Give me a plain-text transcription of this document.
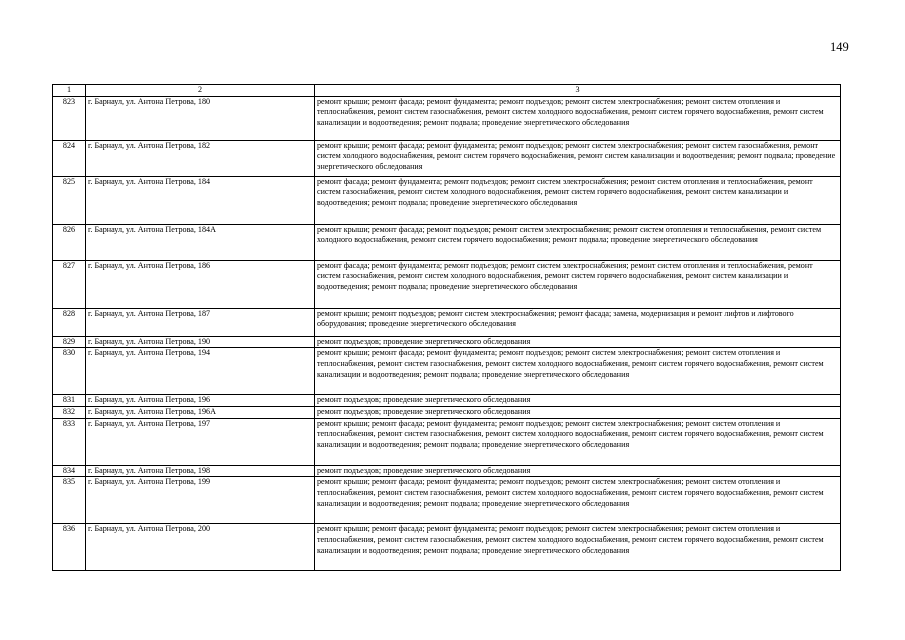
149
1	2	3
823	г. Барнаул, ул. Антона Петрова, 180	ремонт крыши; ремонт фасада; ремонт фундамента; ремонт подъездов; ремонт систем электроснабжения; ремонт систем отопления и теплоснабжения, ремонт систем газоснабжения, ремонт систем холодного водоснабжения, ремонт систем горячего водоснабжения, ремонт систем канализации и водоотведения; ремонт подвала; проведение энергетического обследования
824	г. Барнаул, ул. Антона Петрова, 182	ремонт крыши; ремонт фасада; ремонт фундамента; ремонт подъездов; ремонт систем электроснабжения; ремонт систем газоснабжения, ремонт систем холодного водоснабжения, ремонт систем горячего водоснабжения, ремонт систем канализации и водоотведения; ремонт подвала; проведение энергетического обследования
825	г. Барнаул, ул. Антона Петрова, 184	ремонт фасада; ремонт фундамента; ремонт подъездов; ремонт систем электроснабжения; ремонт систем отопления и теплоснабжения, ремонт систем газоснабжения, ремонт систем холодного водоснабжения, ремонт систем горячего водоснабжения, ремонт систем канализации и водоотведения; ремонт подвала; проведение энергетического обследования
826	г. Барнаул, ул. Антона Петрова, 184А	ремонт крыши; ремонт фасада; ремонт подъездов; ремонт систем электроснабжения; ремонт систем отопления и теплоснабжения, ремонт систем холодного водоснабжения, ремонт систем горячего водоснабжения; ремонт подвала; проведение энергетического обследования
827	г. Барнаул, ул. Антона Петрова, 186	ремонт фасада; ремонт фундамента; ремонт подъездов; ремонт систем электроснабжения; ремонт систем отопления и теплоснабжения, ремонт систем газоснабжения, ремонт систем холодного водоснабжения, ремонт систем горячего водоснабжения, ремонт систем канализации и водоотведения; ремонт подвала; проведение энергетического обследования
828	г. Барнаул, ул. Антона Петрова, 187	ремонт крыши; ремонт подъездов; ремонт систем электроснабжения; ремонт фасада; замена, модернизация и ремонт лифтов и лифтового оборудования; проведение энергетического обследования
829	г. Барнаул, ул. Антона Петрова, 190	ремонт подъездов; проведение энергетического обследования
830	г. Барнаул, ул. Антона Петрова, 194	ремонт крыши; ремонт фасада; ремонт фундамента; ремонт подъездов; ремонт систем электроснабжения; ремонт систем отопления и теплоснабжения, ремонт систем газоснабжения, ремонт систем холодного водоснабжения, ремонт систем горячего водоснабжения, ремонт систем канализации и водоотведения; ремонт подвала; проведение энергетического обследования
831	г. Барнаул, ул. Антона Петрова, 196	ремонт подъездов; проведение энергетического обследования
832	г. Барнаул, ул. Антона Петрова, 196А	ремонт подъездов; проведение энергетического обследования
833	г. Барнаул, ул. Антона Петрова, 197	ремонт крыши; ремонт фасада; ремонт фундамента; ремонт подъездов; ремонт систем электроснабжения; ремонт систем отопления и теплоснабжения, ремонт систем газоснабжения, ремонт систем холодного водоснабжения, ремонт систем горячего водоснабжения, ремонт систем канализации и водоотведения; ремонт подвала; проведение энергетического обследования
834	г. Барнаул, ул. Антона Петрова, 198	ремонт подъездов; проведение энергетического обследования
835	г. Барнаул, ул. Антона Петрова, 199	ремонт крыши; ремонт фасада; ремонт фундамента; ремонт подъездов; ремонт систем электроснабжения; ремонт систем отопления и теплоснабжения, ремонт систем газоснабжения, ремонт систем холодного водоснабжения, ремонт систем горячего водоснабжения, ремонт систем канализации и водоотведения; ремонт подвала; проведение энергетического обследования
836	г. Барнаул, ул. Антона Петрова, 200	ремонт крыши; ремонт фасада; ремонт фундамента; ремонт подъездов; ремонт систем электроснабжения; ремонт систем отопления и теплоснабжения, ремонт систем газоснабжения, ремонт систем холодного водоснабжения, ремонт систем горячего водоснабжения, ремонт систем канализации и водоотведения; ремонт подвала; проведение энергетического обследования
